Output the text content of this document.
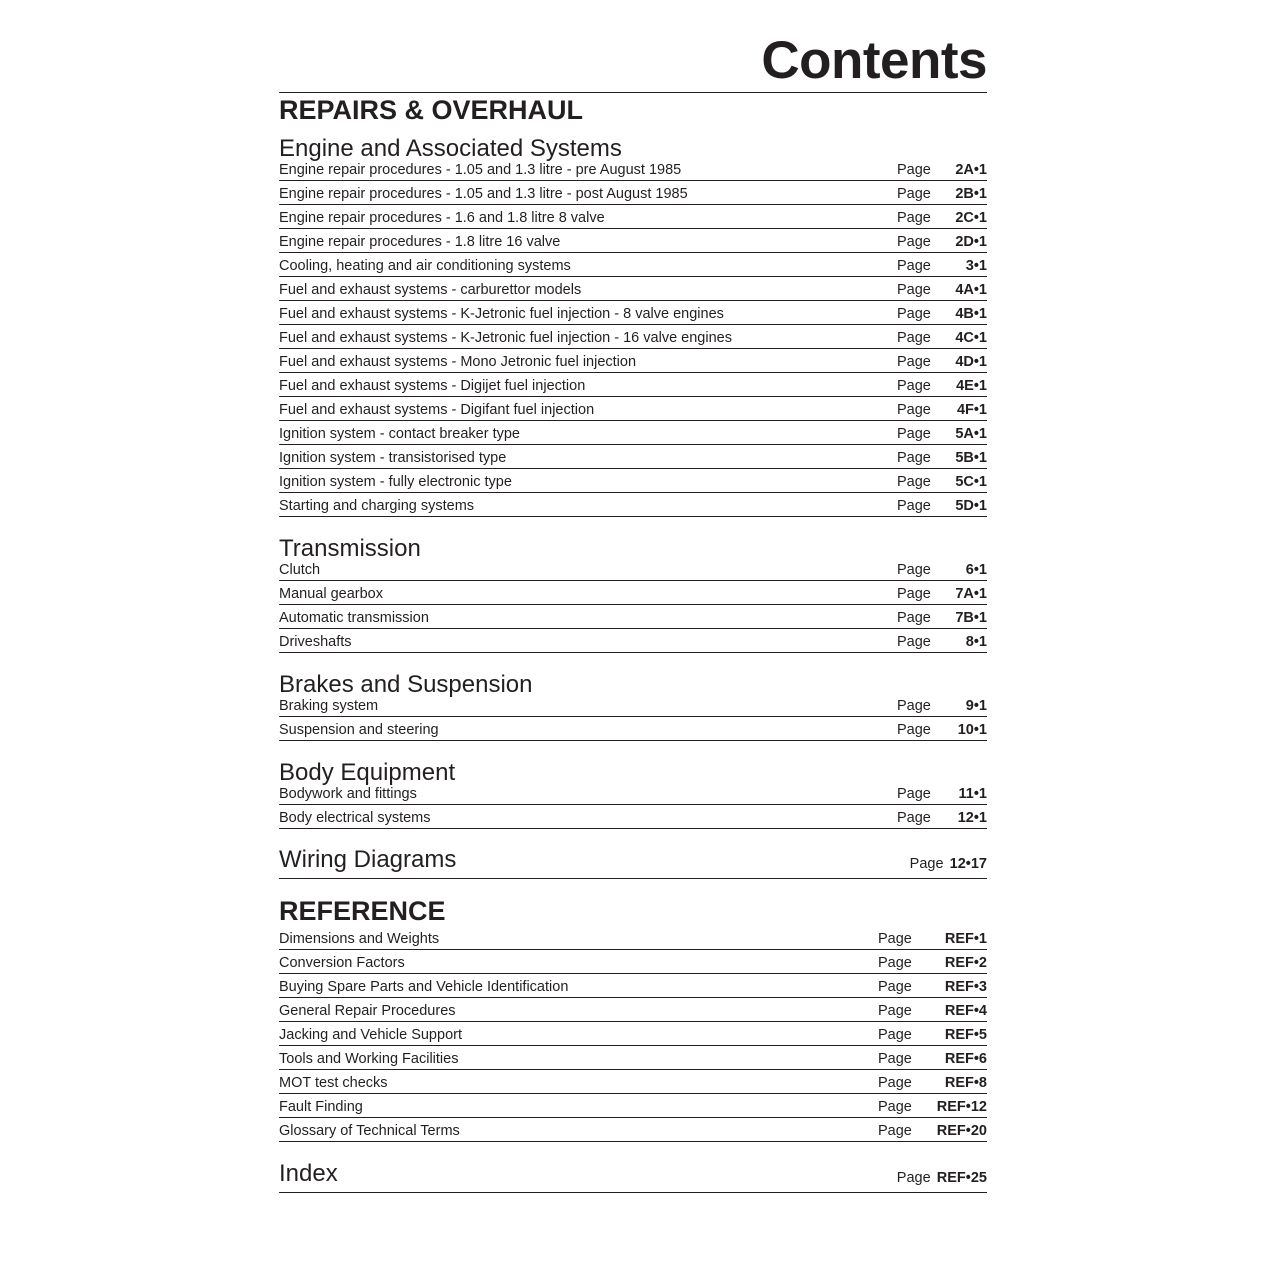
Contents
REPAIRS & OVERHAUL
Engine and Associated Systems
Engine repair procedures - 1.05 and 1.3 litre - pre August 1985	Page	2A•1
Engine repair procedures - 1.05 and 1.3 litre - post August 1985	Page	2B•1
Engine repair procedures - 1.6 and 1.8 litre 8 valve	Page	2C•1
Engine repair procedures - 1.8 litre 16 valve	Page	2D•1
Cooling, heating and air conditioning systems	Page	3•1
Fuel and exhaust systems - carburettor models	Page	4A•1
Fuel and exhaust systems - K-Jetronic fuel injection - 8 valve engines	Page	4B•1
Fuel and exhaust systems - K-Jetronic fuel injection - 16 valve engines	Page	4C•1
Fuel and exhaust systems - Mono Jetronic fuel injection	Page	4D•1
Fuel and exhaust systems - Digijet fuel injection	Page	4E•1
Fuel and exhaust systems - Digifant fuel injection	Page	4F•1
Ignition system - contact breaker type	Page	5A•1
Ignition system - transistorised type	Page	5B•1
Ignition system - fully electronic type	Page	5C•1
Starting and charging systems	Page	5D•1
Transmission
Clutch	Page	6•1
Manual gearbox	Page	7A•1
Automatic transmission	Page	7B•1
Driveshafts	Page	8•1
Brakes and Suspension
Braking system	Page	9•1
Suspension and steering	Page	10•1
Body Equipment
Bodywork and fittings	Page	11•1
Body electrical systems	Page	12•1
Wiring Diagrams	Page 12•17
REFERENCE
Dimensions and Weights	Page	REF•1
Conversion Factors	Page	REF•2
Buying Spare Parts and Vehicle Identification	Page	REF•3
General Repair Procedures	Page	REF•4
Jacking and Vehicle Support	Page	REF•5
Tools and Working Facilities	Page	REF•6
MOT test checks	Page	REF•8
Fault Finding	Page	REF•12
Glossary of Technical Terms	Page	REF•20
Index	Page REF•25
